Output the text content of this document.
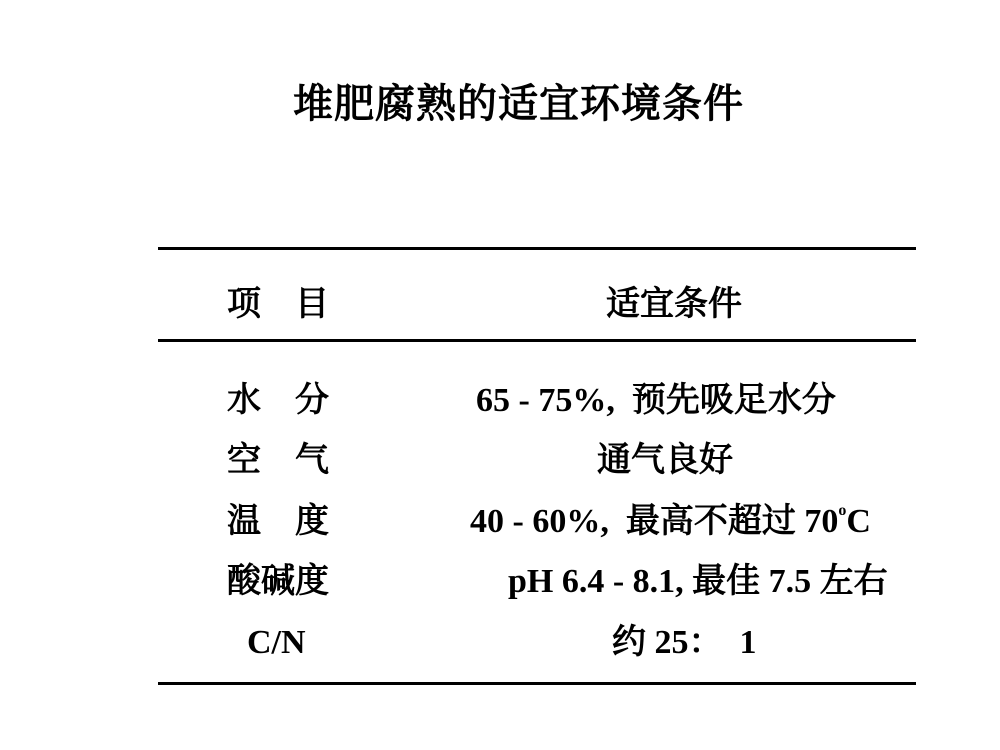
堆肥腐熟的适宜环境条件
项　目	适宜条件
水　分	65 - 75%,  预先吸足水分
空　气	通气良好
温　度	40 - 60%,  最高不超过 70$^o$C
酸碱度	pH 6.4 - 8.1, 最佳 7.5 左右
C/N	约 25：  1
